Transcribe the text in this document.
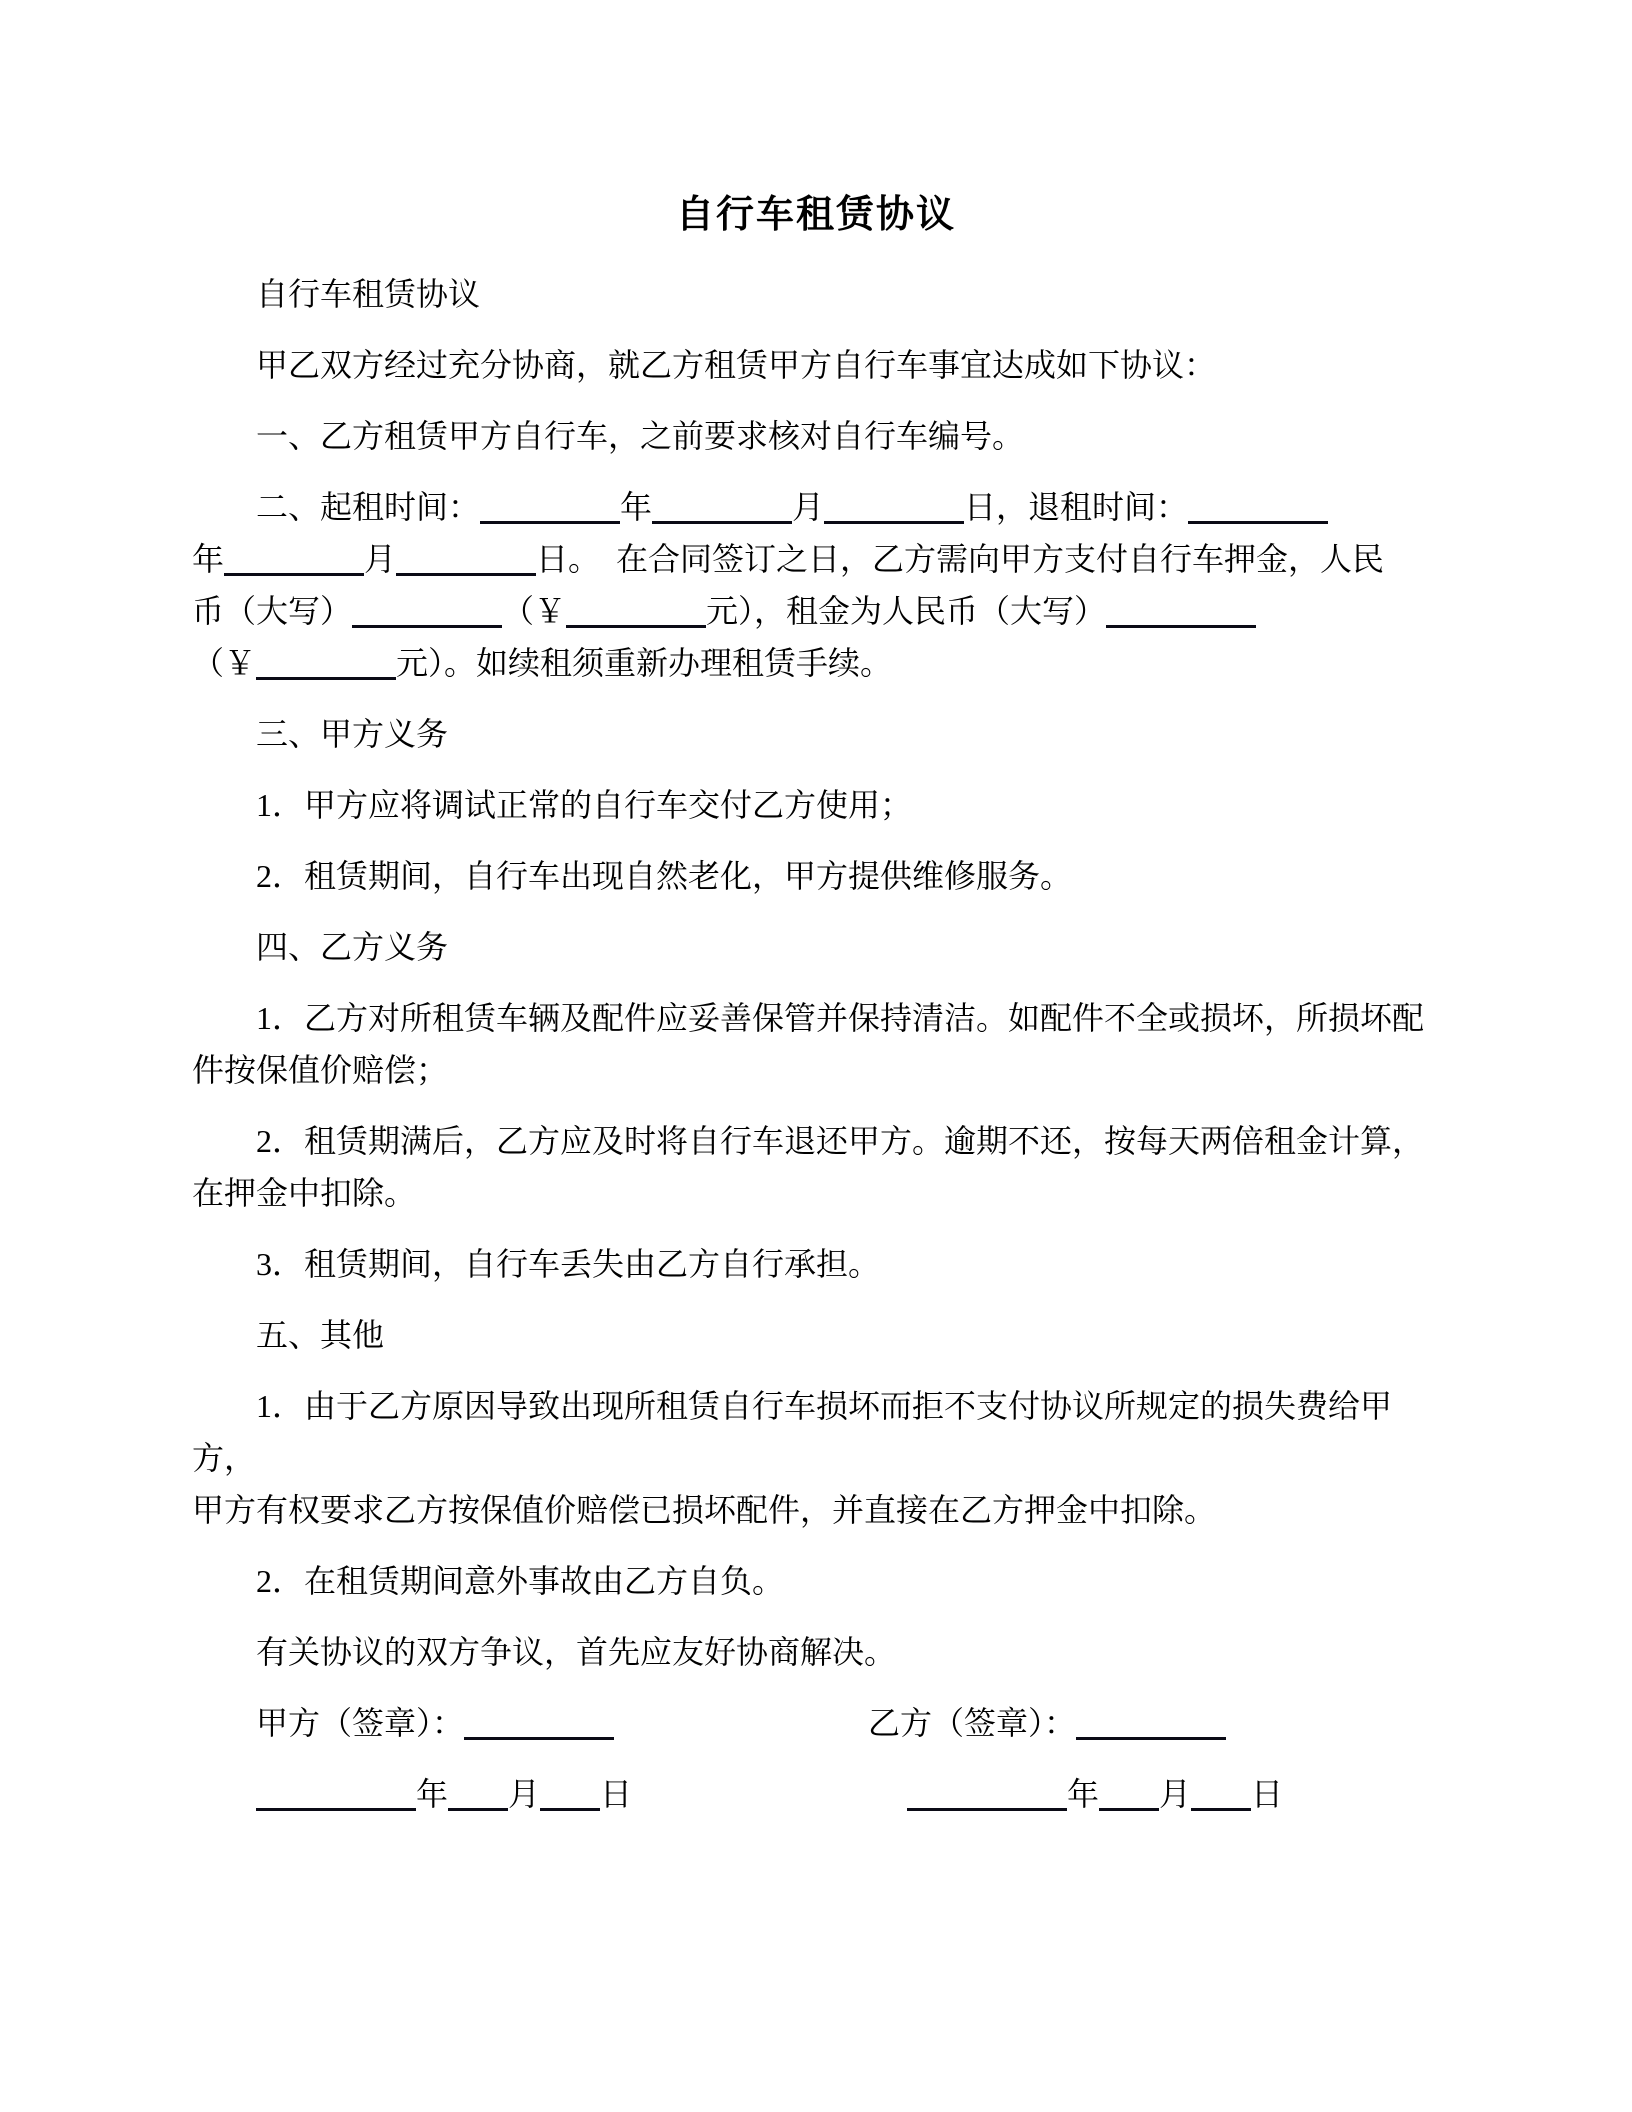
自行车租赁协议

自行车租赁协议

甲乙双方经过充分协商，就乙方租赁甲方自行车事宜达成如下协议：

一、乙方租赁甲方自行车，之前要求核对自行车编号。

二、起租时间：	年	月	日，退租时间：
年	月	日。　在合同签订之日，乙方需向甲方支付自行车押金，人民
币（大写）	（￥	元），租金为人民币（大写）
（￥	元）。如续租须重新办理租赁手续。

三、甲方义务

1．甲方应将调试正常的自行车交付乙方使用；

2．租赁期间，自行车出现自然老化，甲方提供维修服务。

四、乙方义务

1．乙方对所租赁车辆及配件应妥善保管并保持清洁。如配件不全或损坏，所损坏配
件按保值价赔偿；
2．租赁期满后，乙方应及时将自行车退还甲方。逾期不还，按每天两倍租金计算，
在押金中扣除。

3．租赁期间，自行车丢失由乙方自行承担。

五、其他

1．由于乙方原因导致出现所租赁自行车损坏而拒不支付协议所规定的损失费给甲方，
甲方有权要求乙方按保值价赔偿已损坏配件，并直接在乙方押金中扣除。

2．在租赁期间意外事故由乙方自负。

有关协议的双方争议，首先应友好协商解决。

甲方（签章）：	乙方（签章）：
年 月 日	年 月 日
